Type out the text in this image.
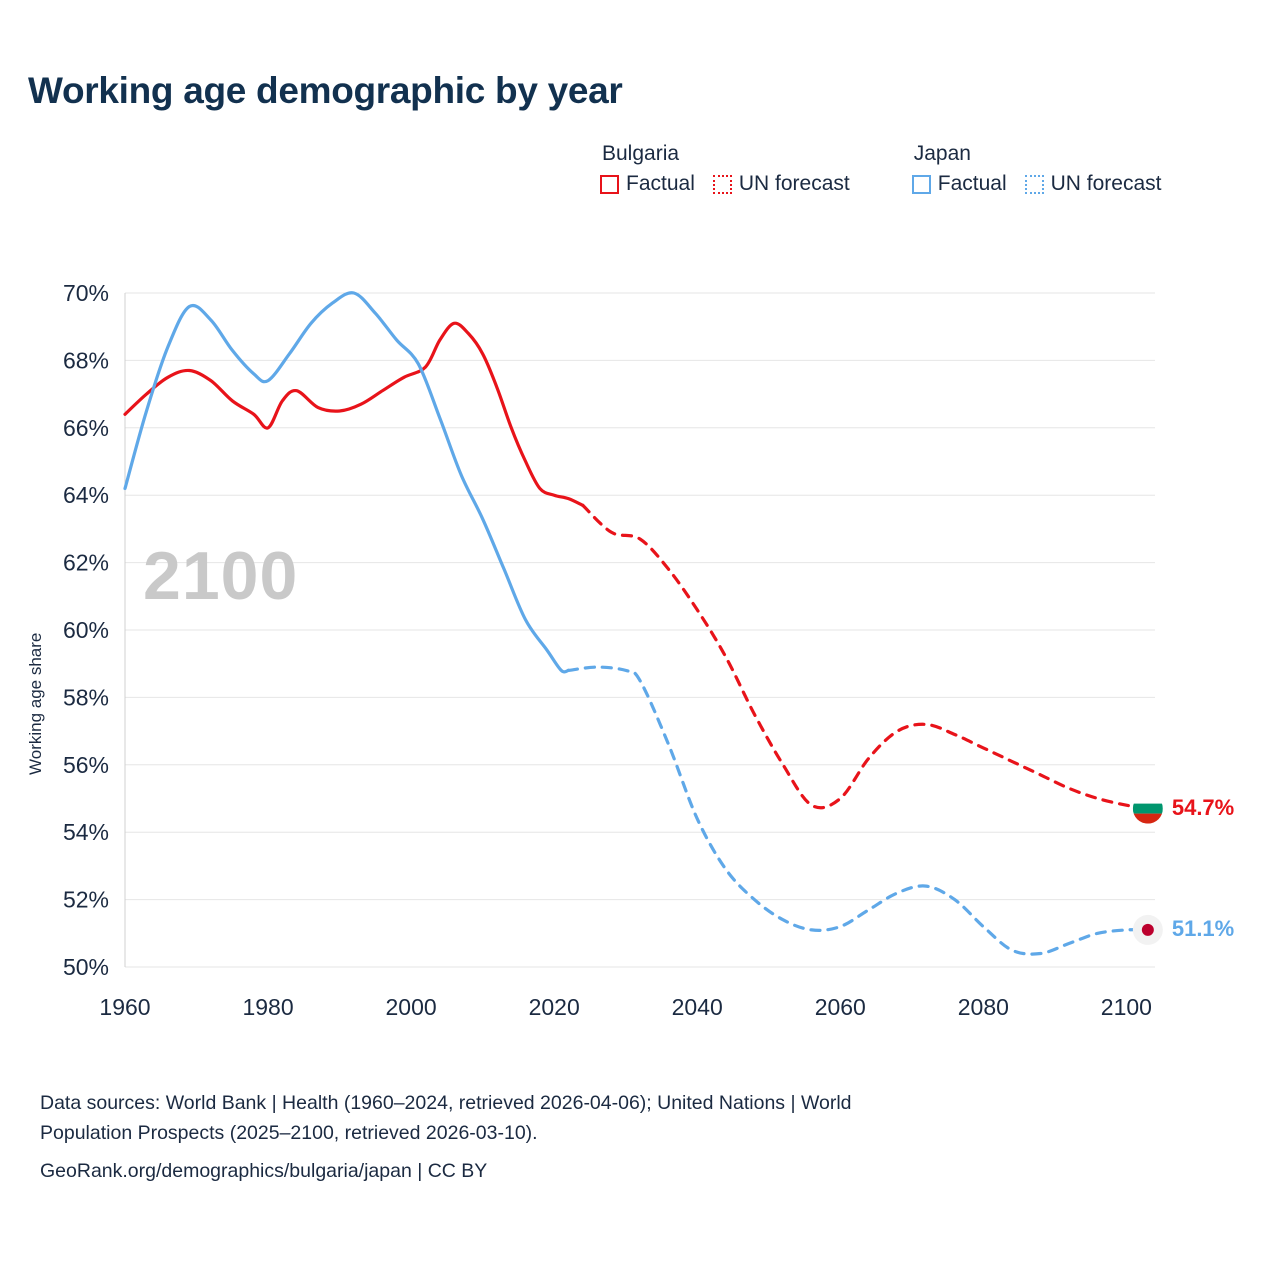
Working age demographic by year
Bulgaria
Factual UN forecast
Japan
Factual UN forecast
Working age share
2100
50%
52%
54%
56%
58%
60%
62%
64%
66%
68%
70%
1960	1980	2000	2020	2040	2060	2080	2100
54.7%
51.1%
Data sources: World Bank | Health (1960–2024, retrieved 2026-04-06); United Nations | World
Population Prospects (2025–2100, retrieved 2026-03-10).
GeoRank.org/demographics/bulgaria/japan | CC BY
